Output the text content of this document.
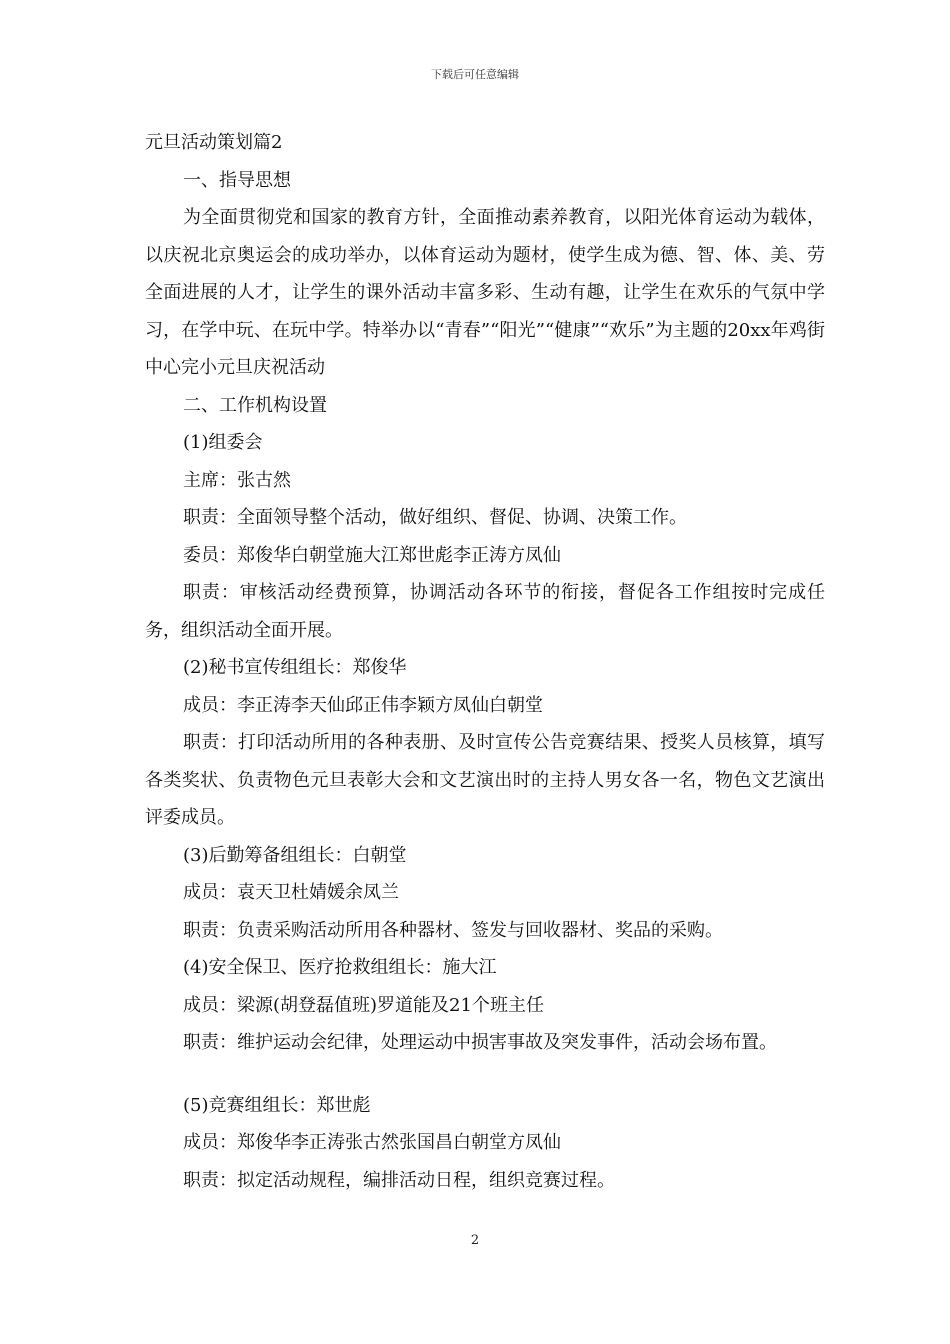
下载后可任意编辑

元旦活动策划篇2

一、指导思想

为全面贯彻党和国家的教育方针，全面推动素养教育，以阳光体育运动为载体，以庆祝北京奥运会的成功举办，以体育运动为题材，使学生成为德、智、体、美、劳全面进展的人才，让学生的课外活动丰富多彩、生动有趣，让学生在欢乐的气氛中学习，在学中玩、在玩中学。特举办以“青春”“阳光”“健康”“欢乐”为主题的20xx年鸡街中心完小元旦庆祝活动

二、工作机构设置

(1)组委会

主席：张古然

职责：全面领导整个活动，做好组织、督促、协调、决策工作。

委员：郑俊华白朝堂施大江郑世彪李正涛方凤仙

职责：审核活动经费预算，协调活动各环节的衔接，督促各工作组按时完成任务，组织活动全面开展。

(2)秘书宣传组组长：郑俊华

成员：李正涛李天仙邱正伟李颖方凤仙白朝堂

职责：打印活动所用的各种表册、及时宣传公告竞赛结果、授奖人员核算，填写各类奖状、负责物色元旦表彰大会和文艺演出时的主持人男女各一名，物色文艺演出评委成员。

(3)后勤筹备组组长：白朝堂

成员：袁天卫杜婧媛余凤兰

职责：负责采购活动所用各种器材、签发与回收器材、奖品的采购。

(4)安全保卫、医疗抢救组组长：施大江

成员：梁源(胡登磊值班)罗道能及21个班主任

职责：维护运动会纪律，处理运动中损害事故及突发事件，活动会场布置。

(5)竞赛组组长：郑世彪

成员：郑俊华李正涛张古然张国昌白朝堂方凤仙

职责：拟定活动规程，编排活动日程，组织竞赛过程。

2
